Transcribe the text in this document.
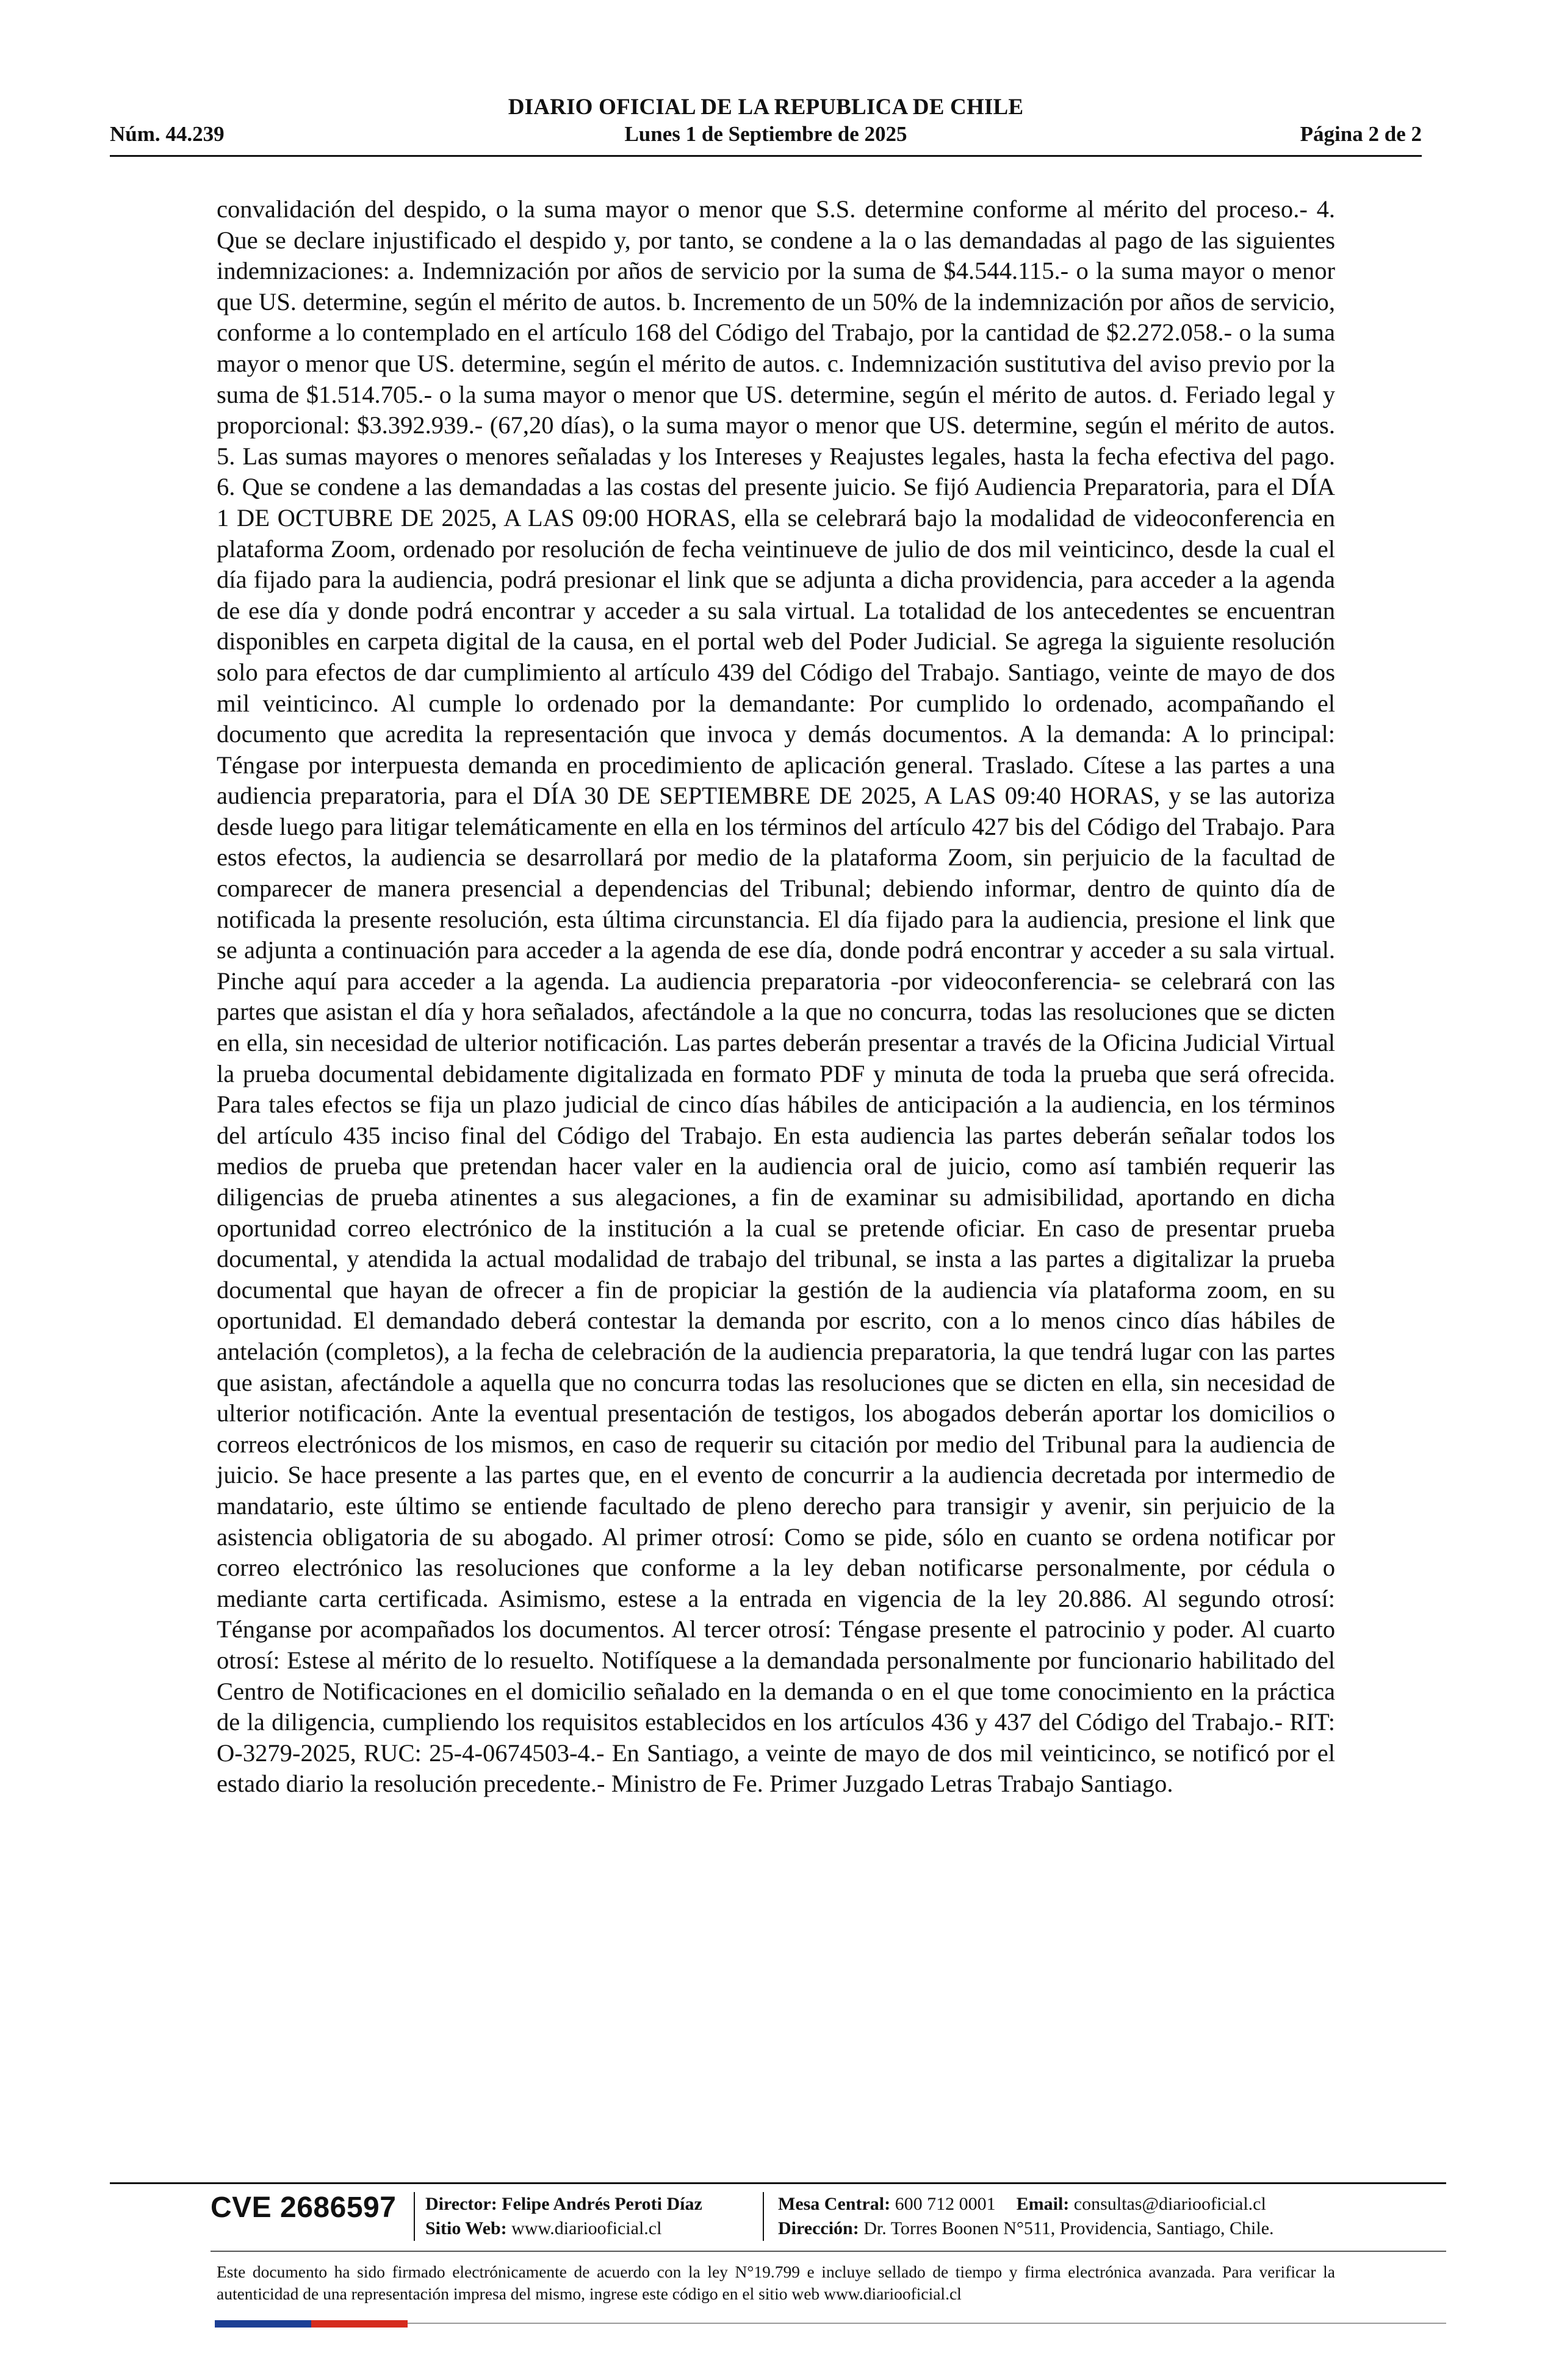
DIARIO OFICIAL DE LA REPUBLICA DE CHILE
Núm. 44.239	Lunes 1 de Septiembre de 2025	Página 2 de 2
convalidación del despido, o la suma mayor o menor que S.S. determine conforme al mérito del proceso.- 4. Que se declare injustificado el despido y, por tanto, se condene a la o las demandadas al pago de las siguientes indemnizaciones: a. Indemnización por años de servicio por la suma de $4.544.115.- o la suma mayor o menor que US. determine, según el mérito de autos. b. Incremento de un 50% de la indemnización por años de servicio, conforme a lo contemplado en el artículo 168 del Código del Trabajo, por la cantidad de $2.272.058.- o la suma mayor o menor que US. determine, según el mérito de autos. c. Indemnización sustitutiva del aviso previo por la suma de $1.514.705.- o la suma mayor o menor que US. determine, según el mérito de autos. d. Feriado legal y proporcional: $3.392.939.- (67,20 días), o la suma mayor o menor que US. determine, según el mérito de autos. 5. Las sumas mayores o menores señaladas y los Intereses y Reajustes legales, hasta la fecha efectiva del pago. 6. Que se condene a las demandadas a las costas del presente juicio. Se fijó Audiencia Preparatoria, para el DÍA 1 DE OCTUBRE DE 2025, A LAS 09:00 HORAS, ella se celebrará bajo la modalidad de videoconferencia en plataforma Zoom, ordenado por resolución de fecha veintinueve de julio de dos mil veinticinco, desde la cual el día fijado para la audiencia, podrá presionar el link que se adjunta a dicha providencia, para acceder a la agenda de ese día y donde podrá encontrar y acceder a su sala virtual. La totalidad de los antecedentes se encuentran disponibles en carpeta digital de la causa, en el portal web del Poder Judicial. Se agrega la siguiente resolución solo para efectos de dar cumplimiento al artículo 439 del Código del Trabajo. Santiago, veinte de mayo de dos mil veinticinco. Al cumple lo ordenado por la demandante: Por cumplido lo ordenado, acompañando el documento que acredita la representación que invoca y demás documentos. A la demanda: A lo principal: Téngase por interpuesta demanda en procedimiento de aplicación general. Traslado. Cítese a las partes a una audiencia preparatoria, para el DÍA 30 DE SEPTIEMBRE DE 2025, A LAS 09:40 HORAS, y se las autoriza desde luego para litigar telemáticamente en ella en los términos del artículo 427 bis del Código del Trabajo. Para estos efectos, la audiencia se desarrollará por medio de la plataforma Zoom, sin perjuicio de la facultad de comparecer de manera presencial a dependencias del Tribunal; debiendo informar, dentro de quinto día de notificada la presente resolución, esta última circunstancia. El día fijado para la audiencia, presione el link que se adjunta a continuación para acceder a la agenda de ese día, donde podrá encontrar y acceder a su sala virtual. Pinche aquí para acceder a la agenda. La audiencia preparatoria -por videoconferencia- se celebrará con las partes que asistan el día y hora señalados, afectándole a la que no concurra, todas las resoluciones que se dicten en ella, sin necesidad de ulterior notificación. Las partes deberán presentar a través de la Oficina Judicial Virtual la prueba documental debidamente digitalizada en formato PDF y minuta de toda la prueba que será ofrecida. Para tales efectos se fija un plazo judicial de cinco días hábiles de anticipación a la audiencia, en los términos del artículo 435 inciso final del Código del Trabajo. En esta audiencia las partes deberán señalar todos los medios de prueba que pretendan hacer valer en la audiencia oral de juicio, como así también requerir las diligencias de prueba atinentes a sus alegaciones, a fin de examinar su admisibilidad, aportando en dicha oportunidad correo electrónico de la institución a la cual se pretende oficiar. En caso de presentar prueba documental, y atendida la actual modalidad de trabajo del tribunal, se insta a las partes a digitalizar la prueba documental que hayan de ofrecer a fin de propiciar la gestión de la audiencia vía plataforma zoom, en su oportunidad. El demandado deberá contestar la demanda por escrito, con a lo menos cinco días hábiles de antelación (completos), a la fecha de celebración de la audiencia preparatoria, la que tendrá lugar con las partes que asistan, afectándole a aquella que no concurra todas las resoluciones que se dicten en ella, sin necesidad de ulterior notificación. Ante la eventual presentación de testigos, los abogados deberán aportar los domicilios o correos electrónicos de los mismos, en caso de requerir su citación por medio del Tribunal para la audiencia de juicio. Se hace presente a las partes que, en el evento de concurrir a la audiencia decretada por intermedio de mandatario, este último se entiende facultado de pleno derecho para transigir y avenir, sin perjuicio de la asistencia obligatoria de su abogado. Al primer otrosí: Como se pide, sólo en cuanto se ordena notificar por correo electrónico las resoluciones que conforme a la ley deban notificarse personalmente, por cédula o mediante carta certificada. Asimismo, estese a la entrada en vigencia de la ley 20.886. Al segundo otrosí: Ténganse por acompañados los documentos. Al tercer otrosí: Téngase presente el patrocinio y poder. Al cuarto otrosí: Estese al mérito de lo resuelto. Notifíquese a la demandada personalmente por funcionario habilitado del Centro de Notificaciones en el domicilio señalado en la demanda o en el que tome conocimiento en la práctica de la diligencia, cumpliendo los requisitos establecidos en los artículos 436 y 437 del Código del Trabajo.- RIT: O-3279-2025, RUC: 25-4-0674503-4.- En Santiago, a veinte de mayo de dos mil veinticinco, se notificó por el estado diario la resolución precedente.- Ministro de Fe. Primer Juzgado Letras Trabajo Santiago.
CVE 2686597 Director: Felipe Andrés Peroti Díaz
Sitio Web: www.diariooficial.cl
Mesa Central: 600 712 0001 Email: consultas@diariooficial.cl
Dirección: Dr. Torres Boonen N°511, Providencia, Santiago, Chile.
Este documento ha sido firmado electrónicamente de acuerdo con la ley N°19.799 e incluye sellado de tiempo y firma electrónica avanzada. Para verificar la autenticidad de una representación impresa del mismo, ingrese este código en el sitio web www.diariooficial.cl
